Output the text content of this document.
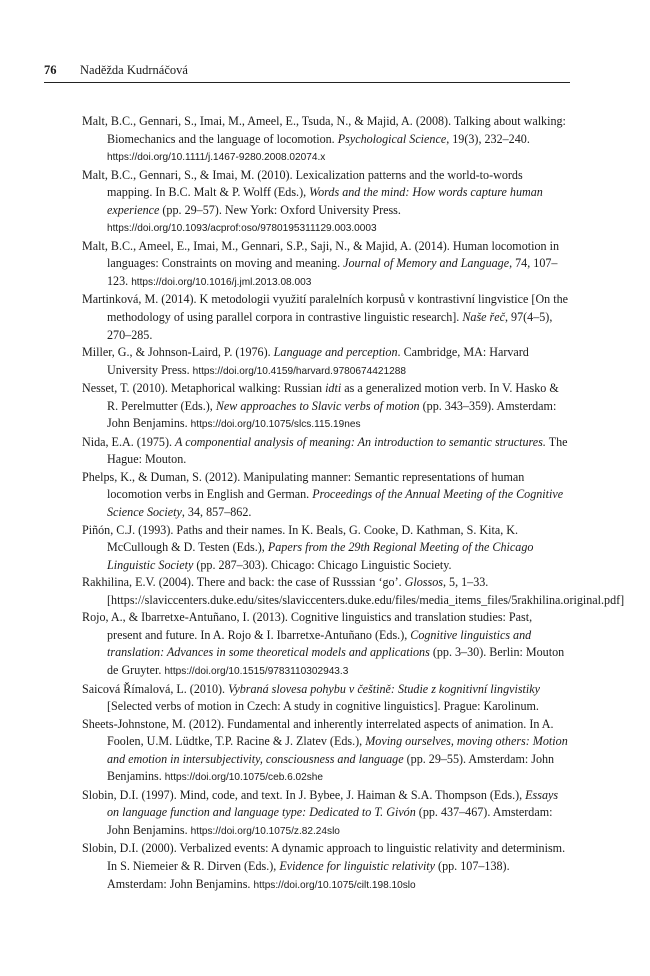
76 Naděžda Kudrnáčová

Malt, B.C., Gennari, S., Imai, M., Ameel, E., Tsuda, N., & Majid, A. (2008). Talking about walking: Biomechanics and the language of locomotion. Psychological Science, 19(3), 232–240. https://doi.org/10.1111/j.1467-9280.2008.02074.x

Malt, B.C., Gennari, S., & Imai, M. (2010). Lexicalization patterns and the world-to-words mapping. In B.C. Malt & P. Wolff (Eds.), Words and the mind: How words capture human experience (pp. 29–57). New York: Oxford University Press. https://doi.org/10.1093/acprof:oso/9780195311129.003.0003

Malt, B.C., Ameel, E., Imai, M., Gennari, S.P., Saji, N., & Majid, A. (2014). Human locomotion in languages: Constraints on moving and meaning. Journal of Memory and Language, 74, 107–123. https://doi.org/10.1016/j.jml.2013.08.003

Martinková, M. (2014). K metodologii využití paralelních korpusů v kontrastivní lingvistice [On the methodology of using parallel corpora in contrastive linguistic research]. Naše řeč, 97(4–5), 270–285.

Miller, G., & Johnson-Laird, P. (1976). Language and perception. Cambridge, MA: Harvard University Press. https://doi.org/10.4159/harvard.9780674421288

Nesset, T. (2010). Metaphorical walking: Russian idti as a generalized motion verb. In V. Hasko & R. Perelmutter (Eds.), New approaches to Slavic verbs of motion (pp. 343–359). Amsterdam: John Benjamins. https://doi.org/10.1075/slcs.115.19nes

Nida, E.A. (1975). A componential analysis of meaning: An introduction to semantic structures. The Hague: Mouton.

Phelps, K., & Duman, S. (2012). Manipulating manner: Semantic representations of human locomotion verbs in English and German. Proceedings of the Annual Meeting of the Cognitive Science Society, 34, 857–862.

Piñón, C.J. (1993). Paths and their names. In K. Beals, G. Cooke, D. Kathman, S. Kita, K. McCullough & D. Testen (Eds.), Papers from the 29th Regional Meeting of the Chicago Linguistic Society (pp. 287–303). Chicago: Chicago Linguistic Society.

Rakhilina, E.V. (2004). There and back: the case of Russsian ‘go’. Glossos, 5, 1–33. [https://slaviccenters.duke.edu/sites/slaviccenters.duke.edu/files/media_items_files/5rakhilina.original.pdf]

Rojo, A., & Ibarretxe-Antuñano, I. (2013). Cognitive linguistics and translation studies: Past, present and future. In A. Rojo & I. Ibarretxe-Antuñano (Eds.), Cognitive linguistics and translation: Advances in some theoretical models and applications (pp. 3–30). Berlin: Mouton de Gruyter. https://doi.org/10.1515/9783110302943.3

Saicová Římalová, L. (2010). Vybraná slovesa pohybu v češtině: Studie z kognitivní lingvistiky [Selected verbs of motion in Czech: A study in cognitive linguistics]. Prague: Karolinum.

Sheets-Johnstone, M. (2012). Fundamental and inherently interrelated aspects of animation. In A. Foolen, U.M. Lüdtke, T.P. Racine & J. Zlatev (Eds.), Moving ourselves, moving others: Motion and emotion in intersubjectivity, consciousness and language (pp. 29–55). Amsterdam: John Benjamins. https://doi.org/10.1075/ceb.6.02she

Slobin, D.I. (1997). Mind, code, and text. In J. Bybee, J. Haiman & S.A. Thompson (Eds.), Essays on language function and language type: Dedicated to T. Givón (pp. 437–467). Amsterdam: John Benjamins. https://doi.org/10.1075/z.82.24slo

Slobin, D.I. (2000). Verbalized events: A dynamic approach to linguistic relativity and determinism. In S. Niemeier & R. Dirven (Eds.), Evidence for linguistic relativity (pp. 107–138). Amsterdam: John Benjamins. https://doi.org/10.1075/cilt.198.10slo
